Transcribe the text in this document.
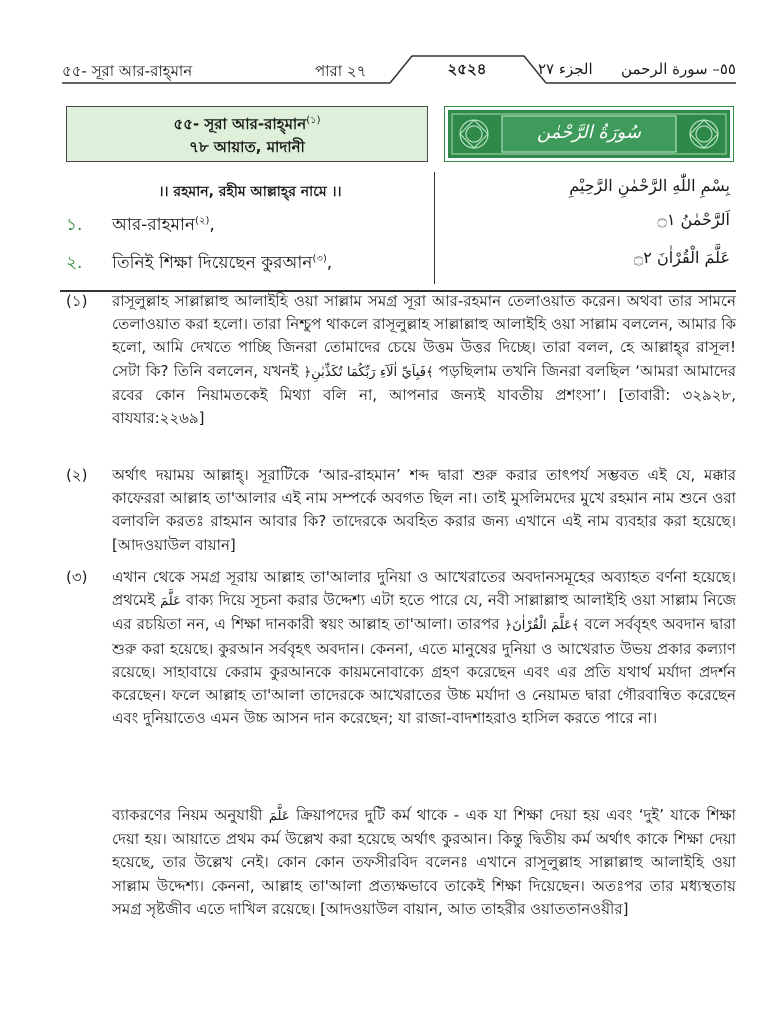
৫৫- সূরা আর-রাহ্‌মান	পারা ২৭	২৫২৪	الجزء ٢٧ ٥٥– سورة الرحمن
৫৫- সূরা আর-রাহ্‌মান$^{(১)}$
৭৮ আয়াত, মাদানী
سُورَةُ الرَّحْمٰن
।। রহমান, রহীম আল্লাহ্‌র নামে ।।	بِسْمِ اللّٰهِ الرَّحْمٰنِ الرَّحِيْمِ
১. আর-রাহমান$^{(২)}$,	اَلرَّحْمٰنُ ۝١
২. তিনিই শিক্ষা দিয়েছেন কুরআন$^{(৩)}$,	عَلَّمَ الْقُرْاٰنَ ۝٢
(১) রাসূলুল্লাহ সাল্লাল্লাহু আলাইহি ওয়া সাল্লাম সমগ্র সূরা আর-রহমান তেলাওয়াত করেন। অথবা তার সামনে তেলাওয়াত করা হলো। তারা নিশ্চুপ থাকলে রাসূলুল্লাহ সাল্লাল্লাহু আলাইহি ওয়া সাল্লাম বললেন, আমার কি হলো, আমি দেখতে পাচ্ছি জিনরা তোমাদের চেয়ে উত্তম উত্তর দিচ্ছে। তারা বলল, হে আল্লাহ্‌র রাসূল! সেটা কি? তিনি বললেন, যখনই ﴿فَبِاَيِّ اٰلَآءِ رَبِّكُمَا تُكَذِّبٰنِ﴾ পড়ছিলাম তখনি জিনরা বলছিল ‘আমরা আমাদের রবের কোন নিয়ামতকেই মিথ্যা বলি না, আপনার জন্যই যাবতীয় প্রশংসা’। [তাবারী: ৩২৯২৮, বাযযার:২২৬৯]
(২) অর্থাৎ দয়াময় আল্লাহ্‌। সূরাটিকে ‘আর-রাহমান’ শব্দ দ্বারা শুরু করার তাৎপর্য সম্ভবত এই যে, মক্কার কাফেররা আল্লাহ তা'আলার এই নাম সম্পর্কে অবগত ছিল না। তাই মুসলিমদের মুখে রহমান নাম শুনে ওরা বলাবলি করতঃ রাহমান আবার কি? তাদেরকে অবহিত করার জন্য এখানে এই নাম ব্যবহার করা হয়েছে। [আদওয়াউল বায়ান]
(৩) এখান থেকে সমগ্র সূরায় আল্লাহ তা'আলার দুনিয়া ও আখেরাতের অবদানসমূহের অব্যাহত বর্ণনা হয়েছে। প্রথমেই عَلَّمَ বাক্য দিয়ে সূচনা করার উদ্দেশ্য এটা হতে পারে যে, নবী সাল্লাল্লাহু আলাইহি ওয়া সাল্লাম নিজে এর রচয়িতা নন, এ শিক্ষা দানকারী স্বয়ং আল্লাহ তা'আলা। তারপর ﴿عَلَّمَ الْقُرْاٰنَ﴾ বলে সর্ববৃহৎ অবদান দ্বারা শুরু করা হয়েছে। কুরআন সর্ববৃহৎ অবদান। কেননা, এতে মানুষের দুনিয়া ও আখেরাত উভয় প্রকার কল্যাণ রয়েছে। সাহাবায়ে কেরাম কুরআনকে কায়মনোবাক্যে গ্রহণ করেছেন এবং এর প্রতি যথার্থ মর্যাদা প্রদর্শন করেছেন। ফলে আল্লাহ তা'আলা তাদেরকে আখেরাতের উচ্চ মর্যাদা ও নেয়ামত দ্বারা গৌরবান্বিত করেছেন এবং দুনিয়াতেও এমন উচ্চ আসন দান করেছেন; যা রাজা-বাদশাহরাও হাসিল করতে পারে না।
ব্যাকরণের নিয়ম অনুযায়ী عَلَّمَ ক্রিয়াপদের দুটি কর্ম থাকে - এক যা শিক্ষা দেয়া হয় এবং ‘দুই’ যাকে শিক্ষা দেয়া হয়। আয়াতে প্রথম কর্ম উল্লেখ করা হয়েছে অর্থাৎ কুরআন। কিন্তু দ্বিতীয় কর্ম অর্থাৎ কাকে শিক্ষা দেয়া হয়েছে, তার উল্লেখ নেই। কোন কোন তফসীরবিদ বলেনঃ এখানে রাসূলুল্লাহ সাল্লাল্লাহু আলাইহি ওয়া সাল্লাম উদ্দেশ্য। কেননা, আল্লাহ তা'আলা প্রত্যক্ষভাবে তাকেই শিক্ষা দিয়েছেন। অতঃপর তার মধ্যস্থতায় সমগ্র সৃষ্টজীব এতে দাখিল রয়েছে। [আদওয়াউল বায়ান, আত তাহরীর ওয়াততানওয়ীর]
